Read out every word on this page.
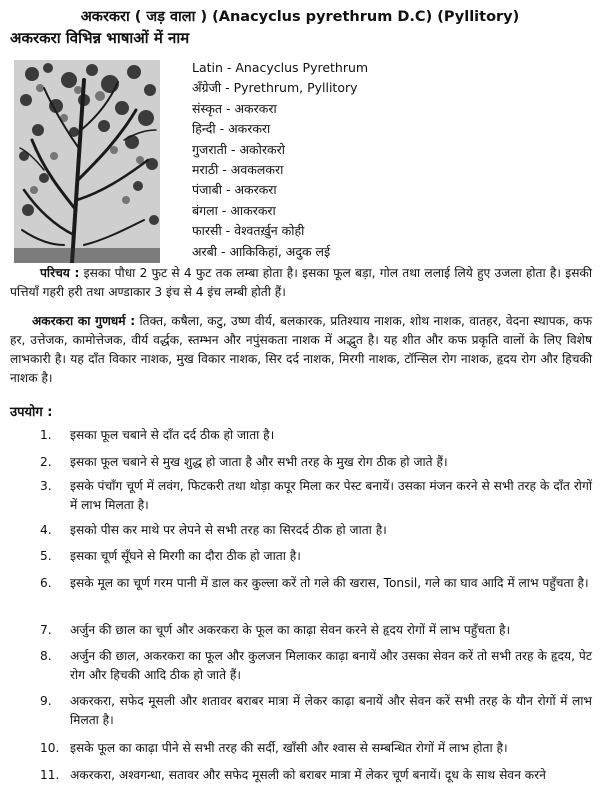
अकरकरा ( जड़ वाला ) (Anacyclus pyrethrum D.C) (Pyllitory)
अकरकरा विभिन्न भाषाओं में नाम
Latin - Anacyclus Pyrethrum
अँग्रेजी - Pyrethrum, Pyllitory
संस्कृत - अकरकरा
हिन्दी - अकरकरा
गुजराती - अकोरकरो
मराठी - अवकलकरा
पंजाबी - अकरकरा
बंगला - आकरकरा
फारसी - वेश्वतर्ख़ुन कोही
अरबी - आकिकिहां, अदुक लई

परिचय : इसका पौधा 2 फुट से 4 फुट तक लम्बा होता है। इसका फूल बड़ा, गोल तथा ललाई लिये हुए उजला होता है। इसकी पत्तियाँ गहरी हरी तथा अण्डाकार 3 इंच से 4 इंच लम्बी होती हैं।

अकरकरा का गुणधर्म : तिक्त, कषैला, कटु, उष्ण वीर्य, बलकारक, प्रतिश्याय नाशक, शोथ नाशक, वातहर, वेदना स्थापक, कफ हर, उत्तेजक, कामोत्तेजक, वीर्य वर्द्धक, स्तम्भन और नपुंसकता नाशक में अद्भुत है। यह शीत और कफ प्रकृति वालों के लिए विशेष लाभकारी है। यह दाँत विकार नाशक, मुख विकार नाशक, सिर दर्द नाशक, मिरगी नाशक, टॉन्सिल रोग नाशक, हृदय रोग और हिचकी नाशक है।

उपयोग :
1.	इसका फूल चबाने से दाँत दर्द ठीक हो जाता है।
2.	इसका फूल चबाने से मुख शुद्ध हो जाता है और सभी तरह के मुख रोग ठीक हो जाते हैं।
3.	इसके पंचाँग चूर्ण में लवंग, फिटकरी तथा थोड़ा कपूर मिला कर पेस्ट बनायें। उसका मंजन करने से सभी तरह के दाँत रोगों में लाभ मिलता है।
4.	इसको पीस कर माथे पर लेपने से सभी तरह का सिरदर्द ठीक हो जाता है।
5.	इसका चूर्ण सूँघने से मिरगी का दौरा ठीक हो जाता है।
6.	इसके मूल का चूर्ण गरम पानी में डाल कर कुल्ला करें तो गले की खरास, Tonsil, गले का घाव आदि में लाभ पहुँचता है।
7.	अर्जुन की छाल का चूर्ण और अकरकरा के फूल का काढ़ा सेवन करने से हृदय रोगों में लाभ पहुँचता है।
8.	अर्जुन की छाल, अकरकरा का फूल और कुलजन मिलाकर काढ़ा बनायें और उसका सेवन करें तो सभी तरह के हृदय, पेट रोग और हिचकी आदि ठीक हो जाते हैं।
9.	अकरकरा, सफेद मूसली और शतावर बराबर मात्रा में लेकर काढ़ा बनायें और सेवन करें सभी तरह के यौन रोगों में लाभ मिलता है।
10. इसके फूल का काढ़ा पीने से सभी तरह की सर्दी, खाँसी और श्वास से सम्बन्धित रोगों में लाभ होता है।
11. अकरकरा, अश्वगन्धा, सतावर और सफेद मूसली को बराबर मात्रा में लेकर चूर्ण बनायें। दूध के साथ सेवन करने
